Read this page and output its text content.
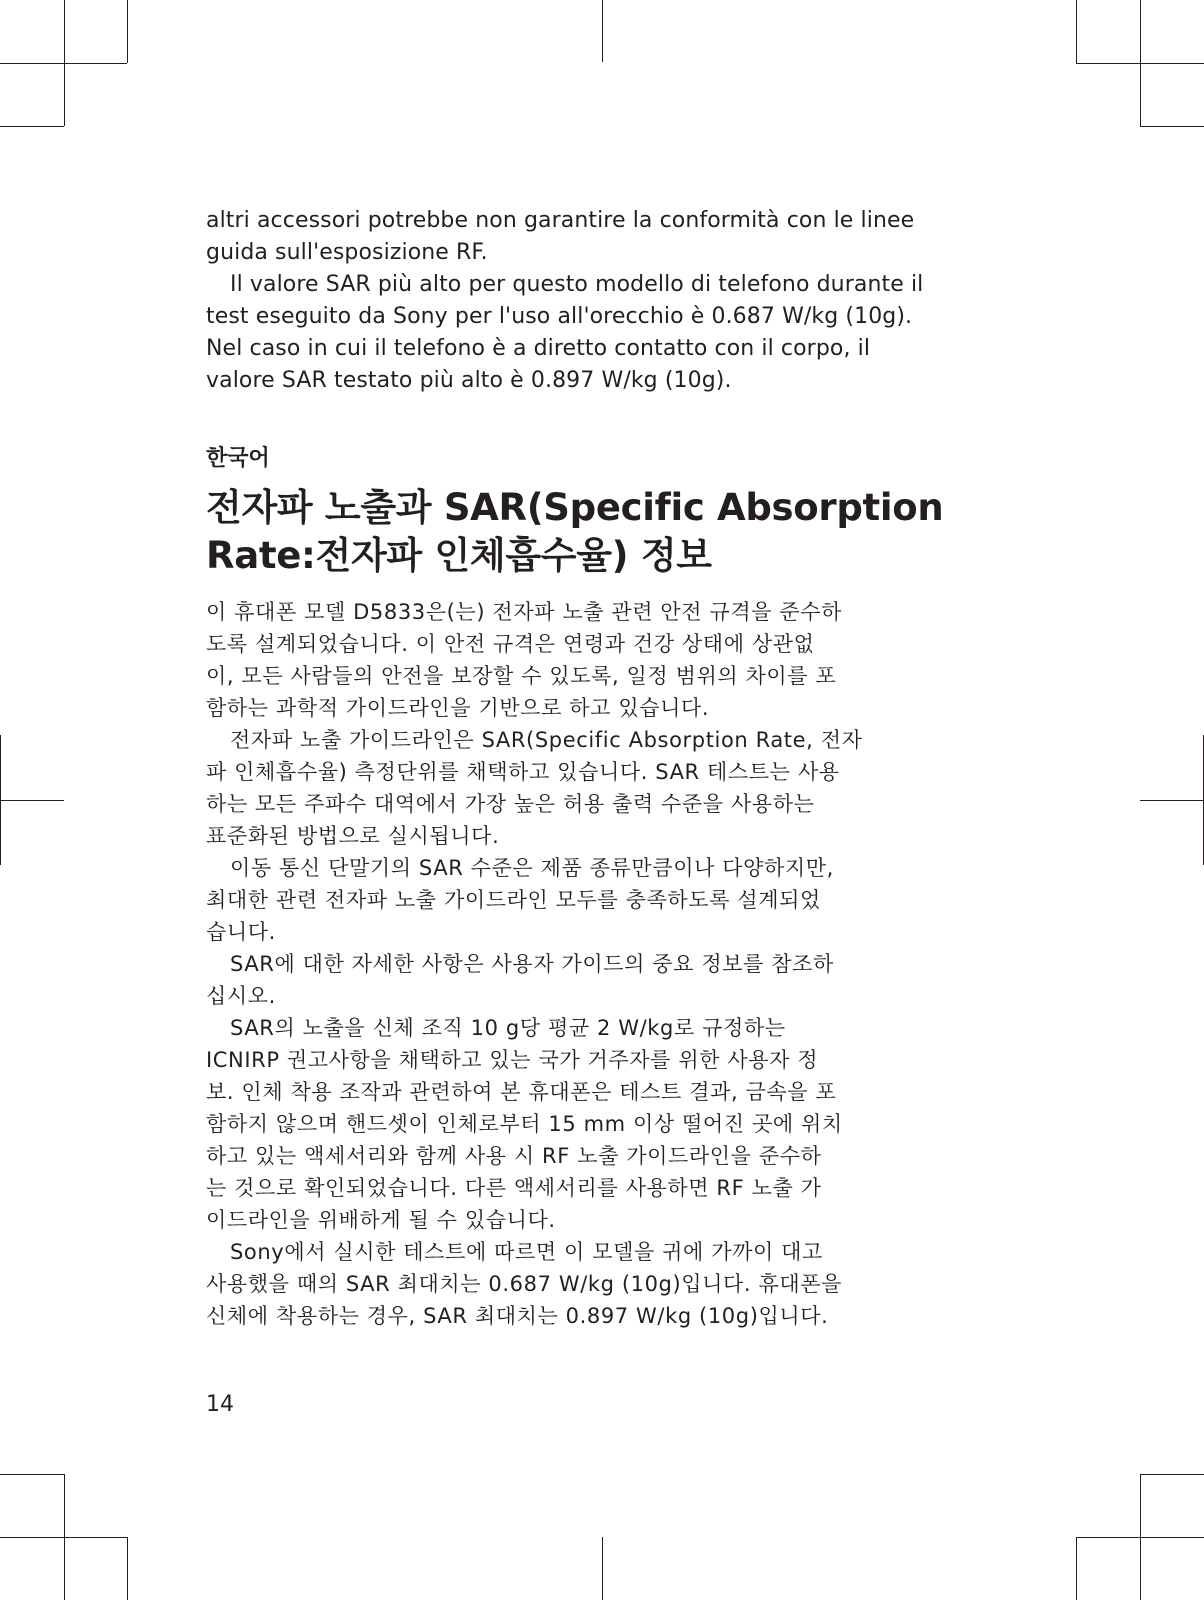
altri accessori potrebbe non garantire la conformità con le linee
guida sull'esposizione RF.

Il valore SAR più alto per questo modello di telefono durante il
test eseguito da Sony per l'uso all'orecchio è 0.687 W/kg (10g).
Nel caso in cui il telefono è a diretto contatto con il corpo, il
valore SAR testato più alto è 0.897 W/kg (10g).

한국어
전자파 노출과 SAR(Specific Absorption
Rate:전자파 인체흡수율) 정보

이 휴대폰 모델 D5833은(는) 전자파 노출 관련 안전 규격을 준수하
도록 설계되었습니다. 이 안전 규격은 연령과 건강 상태에 상관없
이, 모든 사람들의 안전을 보장할 수 있도록, 일정 범위의 차이를 포
함하는 과학적 가이드라인을 기반으로 하고 있습니다.

전자파 노출 가이드라인은 SAR(Specific Absorption Rate, 전자
파 인체흡수율) 측정단위를 채택하고 있습니다. SAR 테스트는 사용
하는 모든 주파수 대역에서 가장 높은 허용 출력 수준을 사용하는
표준화된 방법으로 실시됩니다.

이동 통신 단말기의 SAR 수준은 제품 종류만큼이나 다양하지만,
최대한 관련 전자파 노출 가이드라인 모두를 충족하도록 설계되었
습니다.

SAR에 대한 자세한 사항은 사용자 가이드의 중요 정보를 참조하
십시오.

SAR의 노출을 신체 조직 10 g당 평균 2 W/kg로 규정하는
ICNIRP 권고사항을 채택하고 있는 국가 거주자를 위한 사용자 정
보. 인체 착용 조작과 관련하여 본 휴대폰은 테스트 결과, 금속을 포
함하지 않으며 핸드셋이 인체로부터 15 mm 이상 떨어진 곳에 위치
하고 있는 액세서리와 함께 사용 시 RF 노출 가이드라인을 준수하
는 것으로 확인되었습니다. 다른 액세서리를 사용하면 RF 노출 가
이드라인을 위배하게 될 수 있습니다.

Sony에서 실시한 테스트에 따르면 이 모델을 귀에 가까이 대고
사용했을 때의 SAR 최대치는 0.687 W/kg (10g)입니다. 휴대폰을
신체에 착용하는 경우, SAR 최대치는 0.897 W/kg (10g)입니다.

14
